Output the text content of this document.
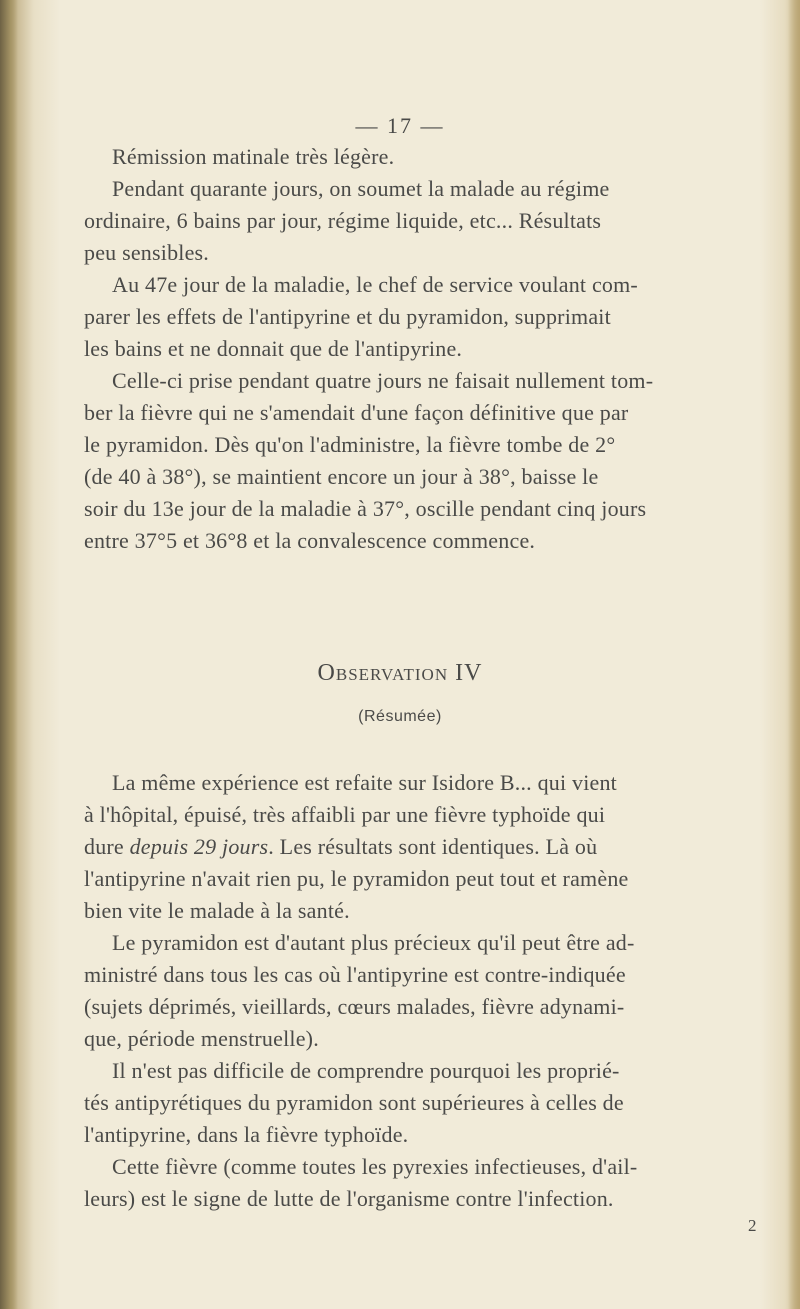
— 17 —
Rémission matinale très légère.
Pendant quarante jours, on soumet la malade au régime
ordinaire, 6 bains par jour, régime liquide, etc... Résultats
peu sensibles.
Au 47e jour de la maladie, le chef de service voulant com-
parer les effets de l'antipyrine et du pyramidon, supprimait
les bains et ne donnait que de l'antipyrine.
Celle-ci prise pendant quatre jours ne faisait nullement tom-
ber la fièvre qui ne s'amendait d'une façon définitive que par
le pyramidon. Dès qu'on l'administre, la fièvre tombe de 2°
(de 40 à 38°), se maintient encore un jour à 38°, baisse le
soir du 13e jour de la maladie à 37°, oscille pendant cinq jours
entre 37°5 et 36°8 et la convalescence commence.
Observation IV
(Résumée)
La même expérience est refaite sur Isidore B... qui vient
à l'hôpital, épuisé, très affaibli par une fièvre typhoïde qui
dure depuis 29 jours. Les résultats sont identiques. Là où
l'antipyrine n'avait rien pu, le pyramidon peut tout et ramène
bien vite le malade à la santé.
Le pyramidon est d'autant plus précieux qu'il peut être ad-
ministré dans tous les cas où l'antipyrine est contre-indiquée
(sujets déprimés, vieillards, cœurs malades, fièvre adynami-
que, période menstruelle).
Il n'est pas difficile de comprendre pourquoi les proprié-
tés antipyrétiques du pyramidon sont supérieures à celles de
l'antipyrine, dans la fièvre typhoïde.
Cette fièvre (comme toutes les pyrexies infectieuses, d'ail-
leurs) est le signe de lutte de l'organisme contre l'infection.
2
